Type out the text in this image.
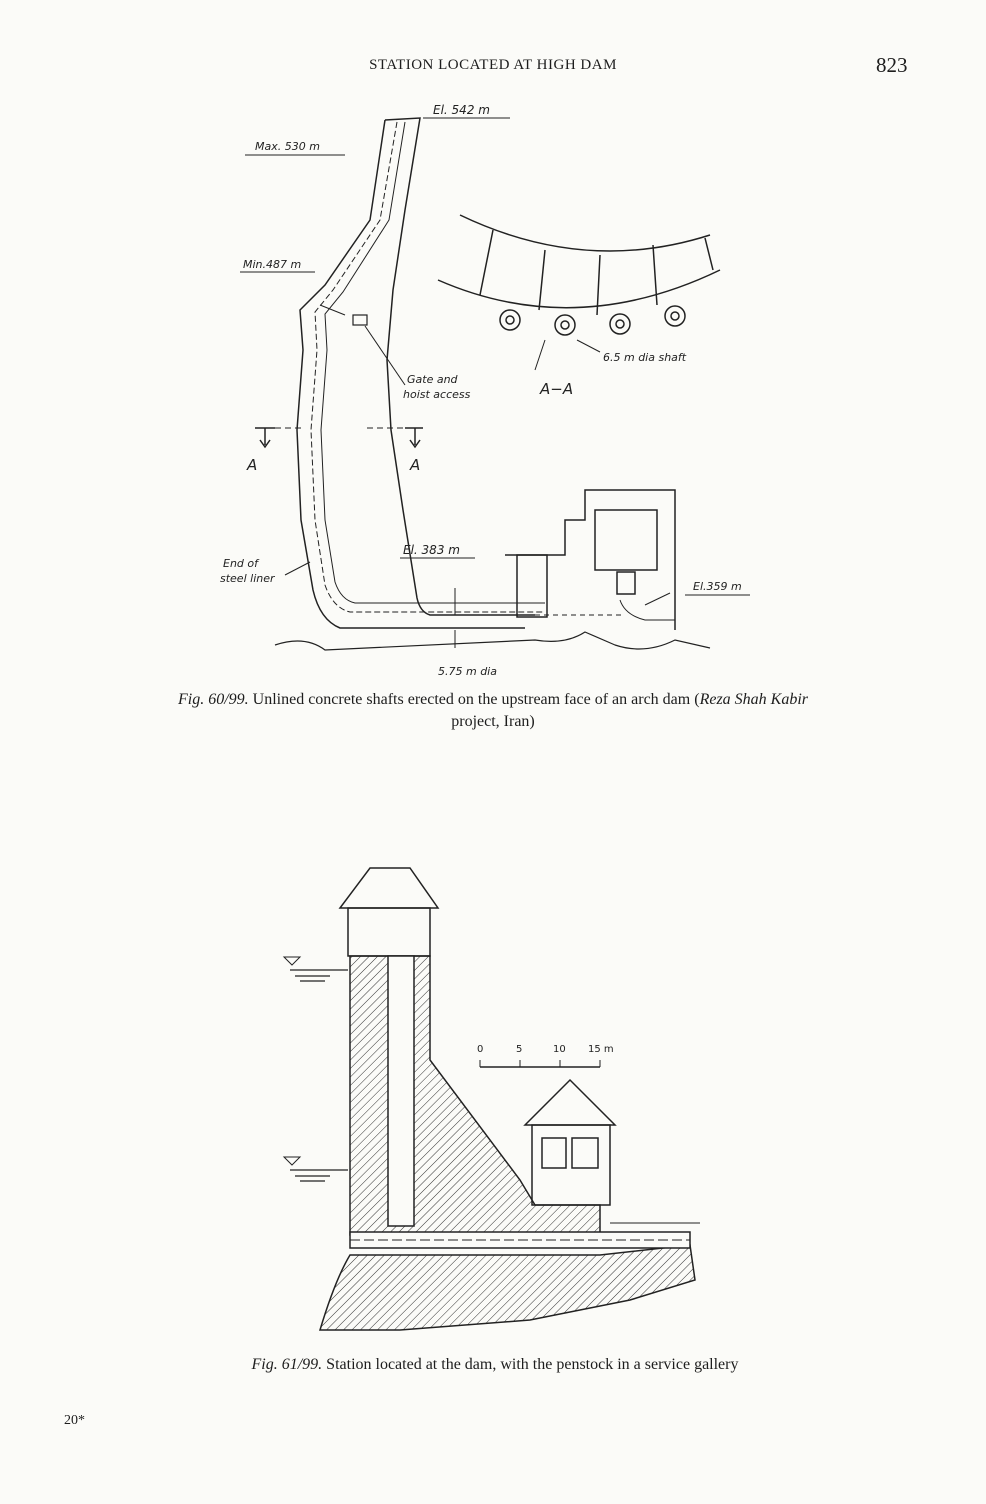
STATION LOCATED AT HIGH DAM	823
El. 542 m
Max. 530 m
Min.487 m
6.5 m dia shaft
Gate and
hoist access	A−A
A	A
El. 383 m
El.359 m
End of
steel liner
5.75 m dia
Fig. 60/99. Unlined concrete shafts erected on the upstream face of an arch dam (Reza Shah Kabir
project, Iran)
0	5	10 15 m
Fig. 61/99. Station located at the dam, with the penstock in a service gallery
20*
